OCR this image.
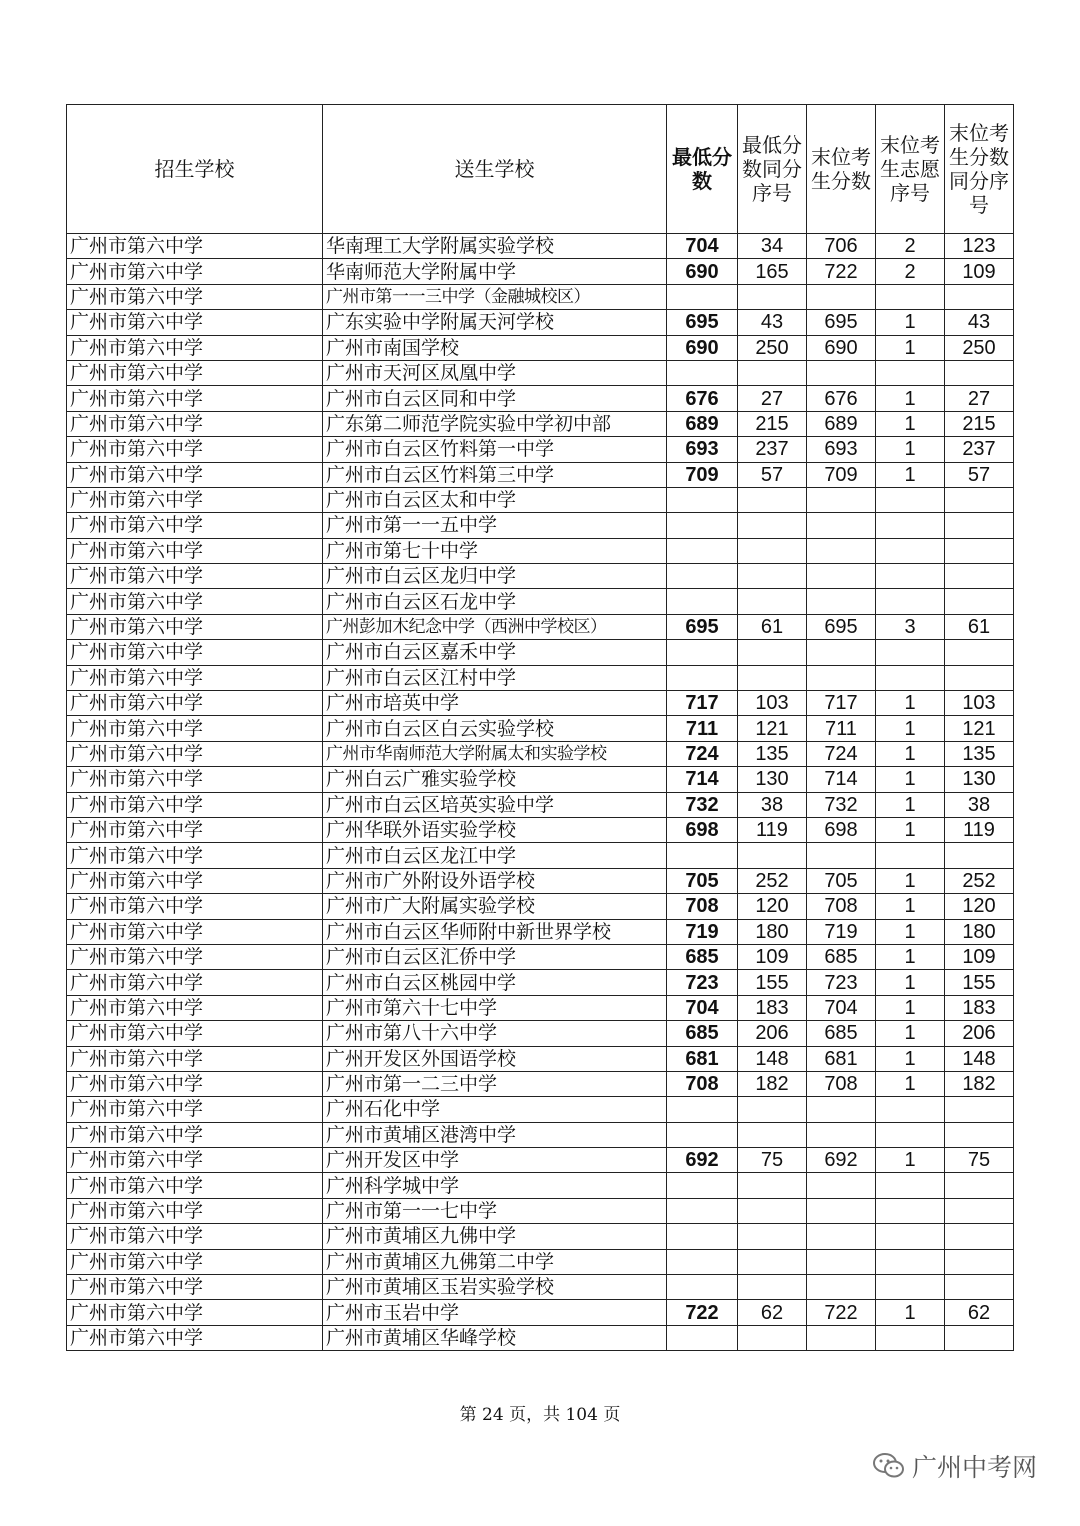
招生学校	送生学校	最低分数	最低分数同分序号	末位考生分数	末位考生志愿序号	末位考生分数同分序号
广州市第六中学	华南理工大学附属实验学校	704	34	706	2	123
广州市第六中学	华南师范大学附属中学	690	165	722	2	109
广州市第六中学	广州市第一一三中学（金融城校区）					
广州市第六中学	广东实验中学附属天河学校	695	43	695	1	43
广州市第六中学	广州市南国学校	690	250	690	1	250
广州市第六中学	广州市天河区凤凰中学					
广州市第六中学	广州市白云区同和中学	676	27	676	1	27
广州市第六中学	广东第二师范学院实验中学初中部	689	215	689	1	215
广州市第六中学	广州市白云区竹料第一中学	693	237	693	1	237
广州市第六中学	广州市白云区竹料第三中学	709	57	709	1	57
广州市第六中学	广州市白云区太和中学					
广州市第六中学	广州市第一一五中学					
广州市第六中学	广州市第七十中学					
广州市第六中学	广州市白云区龙归中学					
广州市第六中学	广州市白云区石龙中学					
广州市第六中学	广州彭加木纪念中学（西洲中学校区）	695	61	695	3	61
广州市第六中学	广州市白云区嘉禾中学					
广州市第六中学	广州市白云区江村中学					
广州市第六中学	广州市培英中学	717	103	717	1	103
广州市第六中学	广州市白云区白云实验学校	711	121	711	1	121
广州市第六中学	广州市华南师范大学附属太和实验学校	724	135	724	1	135
广州市第六中学	广州白云广雅实验学校	714	130	714	1	130
广州市第六中学	广州市白云区培英实验中学	732	38	732	1	38
广州市第六中学	广州华联外语实验学校	698	119	698	1	119
广州市第六中学	广州市白云区龙江中学					
广州市第六中学	广州市广外附设外语学校	705	252	705	1	252
广州市第六中学	广州市广大附属实验学校	708	120	708	1	120
广州市第六中学	广州市白云区华师附中新世界学校	719	180	719	1	180
广州市第六中学	广州市白云区汇侨中学	685	109	685	1	109
广州市第六中学	广州市白云区桃园中学	723	155	723	1	155
广州市第六中学	广州市第六十七中学	704	183	704	1	183
广州市第六中学	广州市第八十六中学	685	206	685	1	206
广州市第六中学	广州开发区外国语学校	681	148	681	1	148
广州市第六中学	广州市第一二三中学	708	182	708	1	182
广州市第六中学	广州石化中学					
广州市第六中学	广州市黄埔区港湾中学					
广州市第六中学	广州开发区中学	692	75	692	1	75
广州市第六中学	广州科学城中学					
广州市第六中学	广州市第一一七中学					
广州市第六中学	广州市黄埔区九佛中学					
广州市第六中学	广州市黄埔区九佛第二中学					
广州市第六中学	广州市黄埔区玉岩实验学校					
广州市第六中学	广州市玉岩中学	722	62	722	1	62
广州市第六中学	广州市黄埔区华峰学校					
第 24 页，共 104 页
广州中考网
